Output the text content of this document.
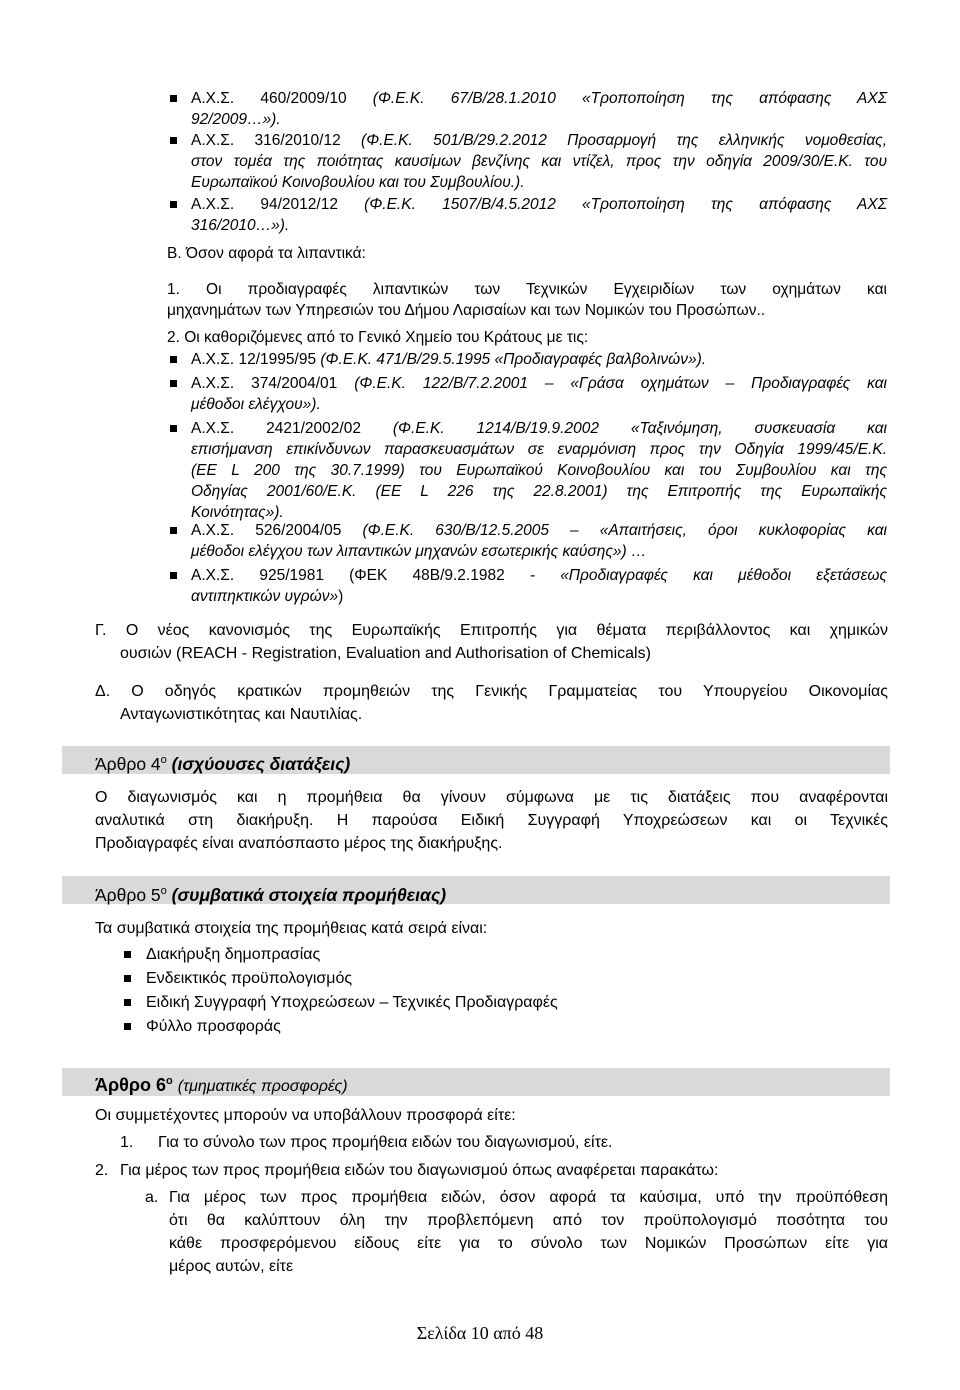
Α.Χ.Σ. 460/2009/10 (Φ.Ε.Κ. 67/Β/28.1.2010 «Τροποποίηση της απόφασης ΑΧΣ
92/2009…»).
Α.Χ.Σ. 316/2010/12 (Φ.Ε.Κ. 501/Β/29.2.2012 Προσαρμογή της ελληνικής νομοθεσίας,
στον τομέα της ποιότητας καυσίμων βενζίνης και ντίζελ, προς την οδηγία 2009/30/Ε.Κ. του
Ευρωπαϊκού Κοινοβουλίου και του Συμβουλίου.).
Α.Χ.Σ. 94/2012/12 (Φ.Ε.Κ. 1507/Β/4.5.2012 «Τροποποίηση της απόφασης ΑΧΣ
316/2010…»).
Β. Όσον αφορά τα λιπαντικά:
1. Οι προδιαγραφές λιπαντικών των Τεχνικών Εγχειριδίων των οχημάτων και
μηχανημάτων των Υπηρεσιών του Δήμου Λαρισαίων και των Νομικών του Προσώπων..
2. Οι καθοριζόμενες από το Γενικό Χημείο του Κράτους με τις:
Α.Χ.Σ. 12/1995/95 (Φ.Ε.Κ. 471/Β/29.5.1995 «Προδιαγραφές βαλβολινών»).
Α.Χ.Σ. 374/2004/01 (Φ.Ε.Κ. 122/Β/7.2.2001 – «Γράσα οχημάτων – Προδιαγραφές και
μέθοδοι ελέγχου»).
Α.Χ.Σ. 2421/2002/02 (Φ.Ε.Κ. 1214/Β/19.9.2002 «Ταξινόμηση, συσκευασία και
επισήμανση επικίνδυνων παρασκευασμάτων σε εναρμόνιση προς την Οδηγία 1999/45/Ε.Κ.
(ΕΕ L 200 της 30.7.1999) του Ευρωπαϊκού Κοινοβουλίου και του Συμβουλίου και της
Οδηγίας 2001/60/Ε.Κ. (ΕΕ L 226 της 22.8.2001) της Επιτροπής της Ευρωπαϊκής
Κοινότητας»).
Α.Χ.Σ. 526/2004/05 (Φ.Ε.Κ. 630/Β/12.5.2005 – «Απαιτήσεις, όροι κυκλοφορίας και
μέθοδοι ελέγχου των λιπαντικών μηχανών εσωτερικής καύσης») …
Α.Χ.Σ. 925/1981 (ΦΕΚ 48Β/9.2.1982 - «Προδιαγραφές και μέθοδοι εξετάσεως
αντιπηκτικών υγρών»)
Γ. Ο νέος κανονισμός της Ευρωπαϊκής Επιτροπής για θέματα περιβάλλοντος και χημικών
ουσιών (REACH - Registration, Evaluation and Authorisation of Chemicals)
Δ. Ο οδηγός κρατικών προμηθειών της Γενικής Γραμματείας του Υπουργείου Οικονομίας
Ανταγωνιστικότητας και Ναυτιλίας.
Άρθρο $4^o$ (ισχύουσες διατάξεις)
Ο διαγωνισμός και η προμήθεια θα γίνουν σύμφωνα με τις διατάξεις που αναφέρονται
αναλυτικά στη διακήρυξη. Η παρούσα Ειδική Συγγραφή Υποχρεώσεων και οι Τεχνικές
Προδιαγραφές είναι αναπόσπαστο μέρος της διακήρυξης.
Άρθρο $5^o$ (συμβατικά στοιχεία προμήθειας)
Τα συμβατικά στοιχεία της προμήθειας κατά σειρά είναι:
Διακήρυξη δημοπρασίας
Ενδεικτικός προϋπολογισμός
Ειδική Συγγραφή Υποχρεώσεων – Τεχνικές Προδιαγραφές
Φύλλο προσφοράς
Άρθρο $6^o$ (τμηματικές προσφορές)
Οι συμμετέχοντες μπορούν να υποβάλλουν προσφορά είτε:
1. Για το σύνολο των προς προμήθεια ειδών του διαγωνισμού, είτε.
2. Για μέρος των προς προμήθεια ειδών του διαγωνισμού όπως αναφέρεται παρακάτω:
a. Για μέρος των προς προμήθεια ειδών, όσον αφορά τα καύσιμα, υπό την προϋπόθεση
ότι θα καλύπτουν όλη την προβλεπόμενη από τον προϋπολογισμό ποσότητα του
κάθε προσφερόμενου είδους είτε για το σύνολο των Νομικών Προσώπων είτε για
μέρος αυτών, είτε
Σελίδα 10 από 48
